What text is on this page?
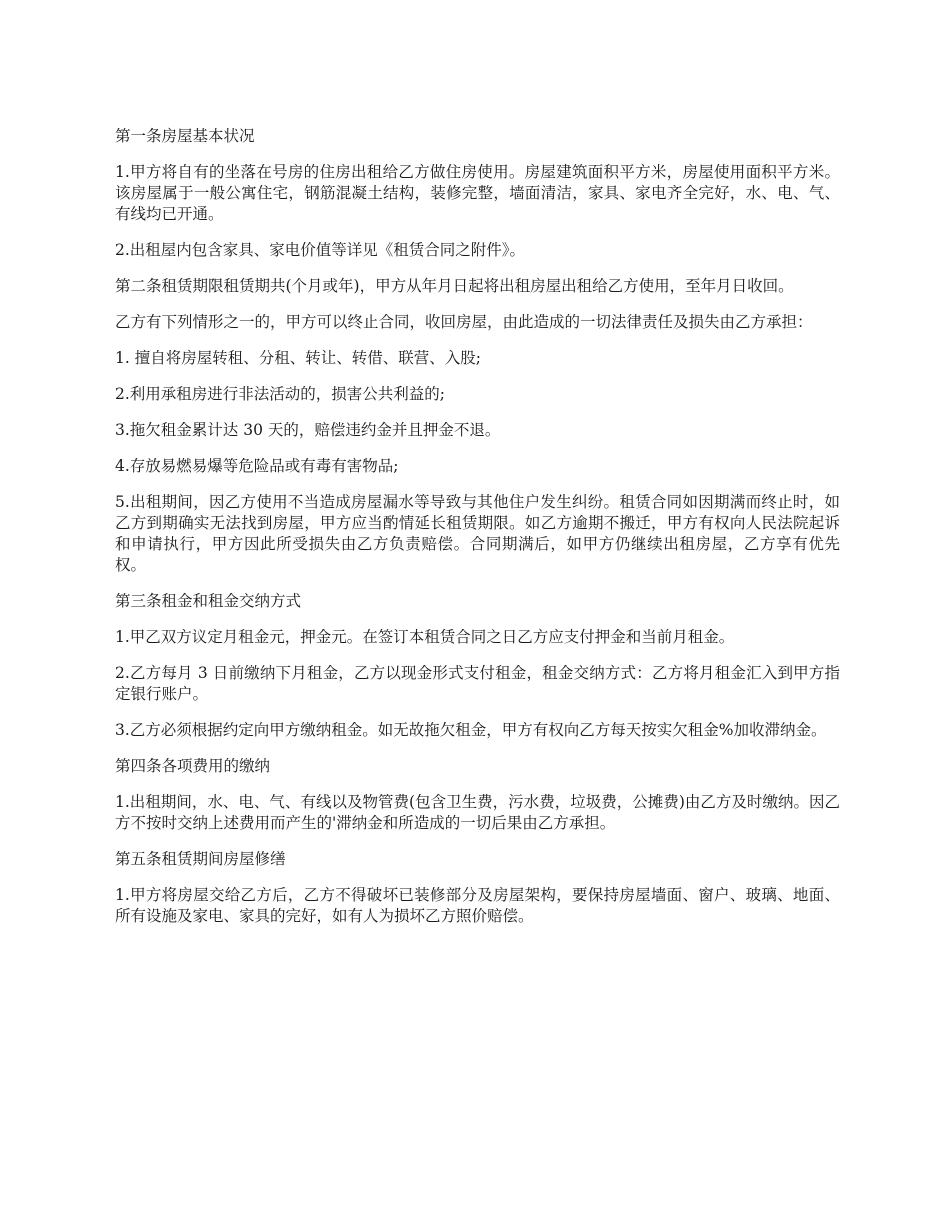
第一条房屋基本状况

1.甲方将自有的坐落在号房的住房出租给乙方做住房使用。房屋建筑面积平方米，房屋使用面积平方米。该房屋属于一般公寓住宅，钢筋混凝土结构，装修完整，墙面清洁，家具、家电齐全完好，水、电、气、有线均已开通。

2.出租屋内包含家具、家电价值等详见《租赁合同之附件》。

第二条租赁期限租赁期共(个月或年)，甲方从年月日起将出租房屋出租给乙方使用，至年月日收回。

乙方有下列情形之一的，甲方可以终止合同，收回房屋，由此造成的一切法律责任及损失由乙方承担：

1. 擅自将房屋转租、分租、转让、转借、联营、入股;

2.利用承租房进行非法活动的，损害公共利益的;

3.拖欠租金累计达 30 天的，赔偿违约金并且押金不退。

4.存放易燃易爆等危险品或有毒有害物品;

5.出租期间，因乙方使用不当造成房屋漏水等导致与其他住户发生纠纷。租赁合同如因期满而终止时，如乙方到期确实无法找到房屋，甲方应当酌情延长租赁期限。如乙方逾期不搬迁，甲方有权向人民法院起诉和申请执行，甲方因此所受损失由乙方负责赔偿。合同期满后，如甲方仍继续出租房屋，乙方享有优先权。

第三条租金和租金交纳方式

1.甲乙双方议定月租金元，押金元。在签订本租赁合同之日乙方应支付押金和当前月租金。

2.乙方每月 3 日前缴纳下月租金，乙方以现金形式支付租金，租金交纳方式：乙方将月租金汇入到甲方指定银行账户。

3.乙方必须根据约定向甲方缴纳租金。如无故拖欠租金，甲方有权向乙方每天按实欠租金%加收滞纳金。

第四条各项费用的缴纳

1.出租期间，水、电、气、有线以及物管费(包含卫生费，污水费，垃圾费，公摊费)由乙方及时缴纳。因乙方不按时交纳上述费用而产生的'滞纳金和所造成的一切后果由乙方承担。

第五条租赁期间房屋修缮

1.甲方将房屋交给乙方后，乙方不得破坏已装修部分及房屋架构，要保持房屋墙面、窗户、玻璃、地面、所有设施及家电、家具的完好，如有人为损坏乙方照价赔偿。
